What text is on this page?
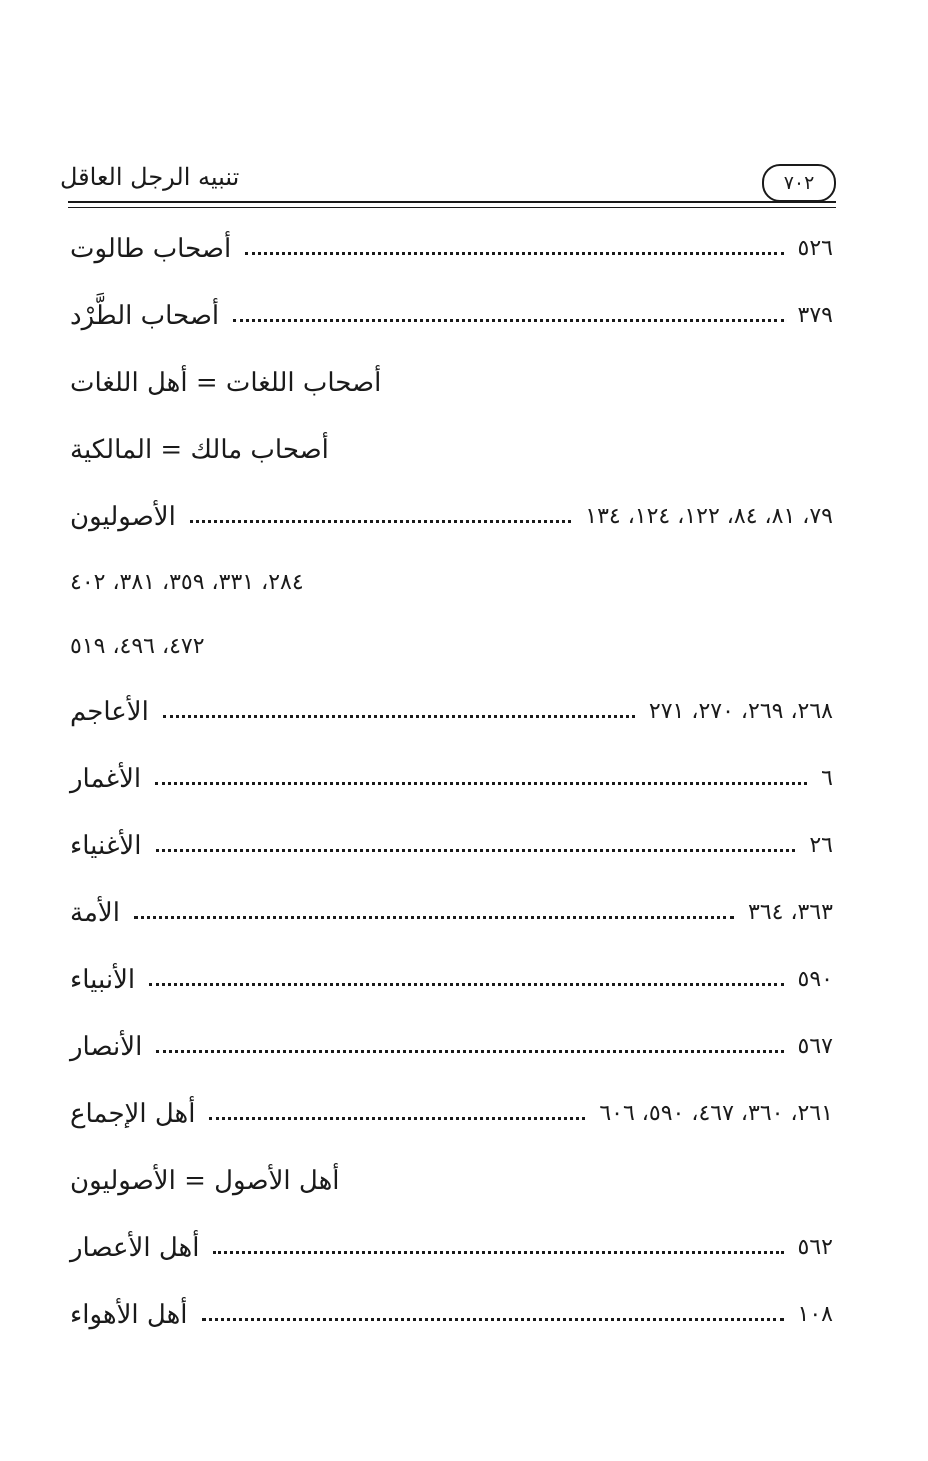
٧٠٢
تنبيه الرجل العاقل
أصحاب طالوت	٥٢٦
أصحاب الطَّرْد	٣٧٩
أصحاب اللغات = أهل اللغات
أصحاب مالك = المالكية
الأصوليون	٧٩، ٨١، ٨٤، ١٢٢، ١٢٤، ١٣٤
٢٨٤، ٣٣١، ٣٥٩، ٣٨١، ٤٠٢
٤٧٢، ٤٩٦، ٥١٩
الأعاجم	٢٦٨، ٢٦٩، ٢٧٠، ٢٧١
الأغمار	٦
الأغنياء	٢٦
الأمة	٣٦٣، ٣٦٤
الأنبياء	٥٩٠
الأنصار	٥٦٧
أهل الإجماع	٢٦١، ٣٦٠، ٤٦٧، ٥٩٠، ٦٠٦
أهل الأصول = الأصوليون
أهل الأعصار	٥٦٢
أهل الأهواء	١٠٨
